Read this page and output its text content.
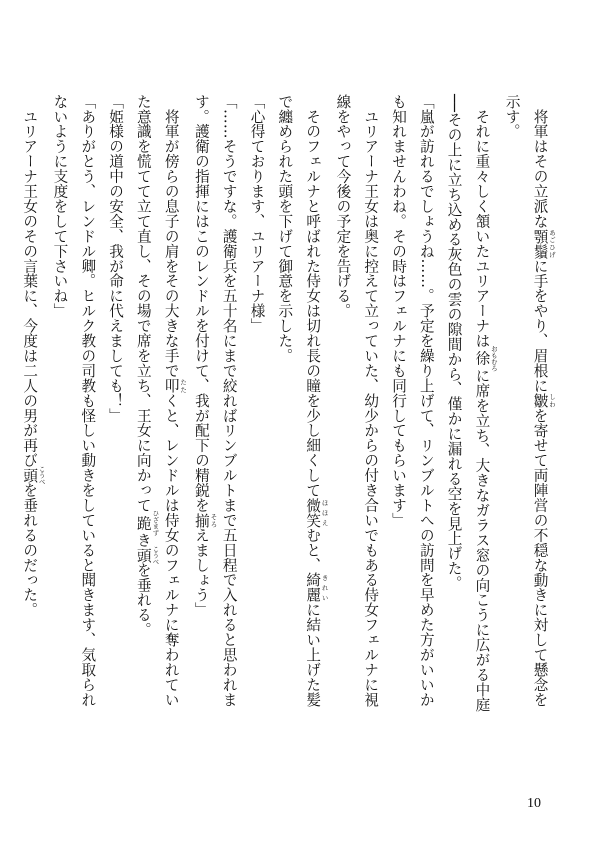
　将軍はその立派な顎鬚 あごひげに手をやり、眉根に皺 しわを寄せて両陣営の不穏な動きに対して懸念を示す。

　それに重々しく頷いたユリアーナは徐 おもむろに席を立ち、大きなガラス窓の向こうに広がる中庭──その上に立ち込める灰色の雲の隙間から、僅かに漏れる空を見上げた。

「嵐が訪れるでしょうね……。予定を繰り上げて、リンブルトへの訪問を早めた方がいいかも知れませんわね。その時はフェルナにも同行してもらいます」

　ユリアーナ王女は奥に控えて立っていた、幼少からの付き合いでもある侍女フェルナに視線をやって今後の予定を告げる。

　そのフェルナと呼ばれた侍女は切れ長の瞳を少し細くして微笑 ほほえむと、綺麗 きれいに結い上げた髪で纏められた頭を下げて御意を示した。

「心得ております、ユリアーナ様」

「……そうですな。護衛兵を五十名にまで絞ればリンブルトまで五日程で入れると思われます。護衛の指揮にはこのレンドルを付けて、我が配下の精鋭を揃 そろえましょう」

　将軍が傍らの息子の肩をその大きな手で叩 たたくと、レンドルは侍女のフェルナに奪われていた意識を慌てて立て直し、その場で席を立ち、王女に向かって跪 ひざまずき頭 こうべを垂れる。

「姫様の道中の安全、我が命に代えましても！」

「ありがとう、レンドル卿。ヒルク教の司教も怪しい動きをしていると聞きます、気取られないように支度をして下さいね」

　ユリアーナ王女のその言葉に、今度は二人の男が再び頭 こうべを垂れるのだった。

10
